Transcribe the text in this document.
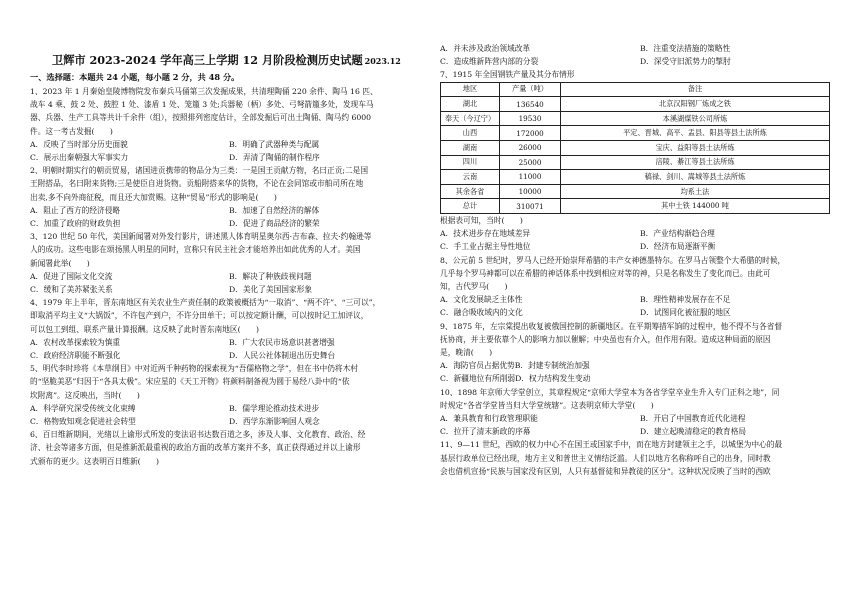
卫辉市 2023-2024 学年高三上学期 12 月阶段检测历史试题 2023.12
一、选择题：本题共 24 小题，每小题 2 分，共 48 分。

1、2023 年 1 月秦始皇陵博物院发布秦兵马俑第三次发掘成果，共清理陶俑 220 余件、陶马 16 匹、

战车 4 乘、鼓 2 处、鼓腔 1 处、漆盾 1 处、笼箙 3 处;兵器秘（柄）多处、弓弩箭箙多处，发现车马

器、兵器、生产工具等共计千余件（组），按照排列密度估计，全部发掘后可出土陶俑、陶马约 6000

件。这一考古发掘(　　)

A．反映了当时部分历史面貌	B．明确了武器种类与配属
C．展示出秦朝强大军事实力	D．弄清了陶俑的制作程序

2、明朝时期实行的朝贡贸易，诸国进贡携带的物品分为三类：一是国王贡献方物，名曰正贡;二是国

王附搭品，名曰附来货物;三是使臣自进货物。贡船附搭来华的货物，不论在会同馆或市舶司所在地

出卖,多不向外商征税，而且还大加赏赐。这种“贸易”形式的影响是(　　)

A．阻止了西方的经济侵略	B．加速了自然经济的解体
C．加重了政府的财政负担	D．促进了商品经济的繁荣

3、120 世纪 50 年代，美国新闻署对外发行影片，讲述黑人体育明星奥尔西·吉布森、拉夫·约翰逊等

人的成功。这些电影在颂扬黑人明星的同时，宣称只有民主社会才能培养出如此优秀的人才。美国

新闻署此举(　　)

A．促进了国际文化交流	B．解决了种族歧视问题
C．缓和了美苏紧张关系	D．美化了美国国家形象

4、1979 年上半年，晋东南地区有关农业生产责任制的政策被概括为“一取消”、“两不许”、“三可以”，

即取消平均主义“大锅饭”，不许包产到户，不许分田单干；可以按定额计酬，可以按时记工加评议，

可以包工到组、联系产量计算报酬。这反映了此时晋东南地区(　　)

A．农村改革探索较为慎重	B．广大农民市场意识甚著增强
C．政府经济职能不断强化	D．人民公社体制退出历史舞台

5、明代李时珍将《本草纲目》中对近两千种药物的探索视为“吾儒格物之学”，但在书中仍将木村

的“坚脆美恶”归因于“各具太极”。宋应星的《天工开物》将颜料制备视为圆于易经八卦中的“依

坎附离”。这反映出，当时(　　)

A．科学研究深受传统文化束缚	B．儒学理论推动技术进步
C．格物致知观念促进社会转型	D．西学东渐影响国人观念

6、百日维新期间，光绪以上谕形式所发的变法诏书达数百道之多，涉及人事、文化教育、政治、经

济、社会等诸多方面，但是推新派最重视的政治方面的改革方案并不多，真正获得通过并以上谕形

式颁布的更少。这表明百日维新(　　)

A．并未涉及政治领域改革	B．注重变法措施的策略性
C．造成维新阵营内部的分裂	D．深受守旧派势力的掣肘

7、1915 年全国钢铁产量及其分布情形

地区	产量（吨）	备注
湖北	136540	北京汉阳钢厂炼成之铁
奉天（今辽宁）	19530	本溪湖煤铁公司所炼
山西	172000	平定、晋城、高平、盂县、阳县等县土法所炼
湖南	26000	宝庆、益阳等县土法所炼
四川	25000	涪陵、綦江等县土法所炼
云南	11000	稿禄、剑川、嵩城等县土法所炼
其余各省	10000	均系土法
总计	310071	其中土铁 144000 吨

根据表可知，当时(　　)

A．技术进步存在地域差异	B．产业结构渐趋合理
C．手工业占据主导性地位	D．经济布局逐渐平衡

8、公元前 5 世纪时，罗马人已经开始崇拜希腊的丰产女神德墨特尔。在罗马占领整个大希腊的时候，

几乎每个罗马神都可以在希腊的神话体系中找到相应对等的神，只是名称发生了变化而已。由此可

知，古代罗马(　　)

A．文化发展缺乏主体性	B．理性精神发展存在不足
C．融合吸收域内的文化	D．试图同化被征服的地区

9、1875 年，左宗棠提出收复被俄国控制的新疆地区。在平期筹措军饷的过程中，他不得不与各省督

抚协商，并主要依靠个人的影响力加以催解；中央虽也有介入，但作用有限。造成这种局面的原因

是，晚清(　　)

A．海防官员占据优势B．封建专制统治加强
C．新疆地位有所削弱D．权力结构发生变动

10、1898 年京师大学堂创立，其章程规定“京师大学堂本为各省学堂卒业生升入专门正科之地”，同

时规定“各省学堂皆当归大学堂统辖”。这表明京师大学堂(　　)

A．兼具教育和行政管理职能	B．开启了中国教育近代化进程
C．拉开了清末新政的序幕	D．建立起晚清稳定的教育格局

11、9—11 世纪，西欧的权力中心不在国王或国家手中，而在地方封建领主之手，以城堡为中心的最

基层行政单位已经出现，地方主义和普世主义情结泛滥。人们以地方名称称呼自己的出身，同时教

会也借机宣扬“民族与国家没有区别，人只有基督徒和异教徒的区分”。这种状况反映了当时的西欧
